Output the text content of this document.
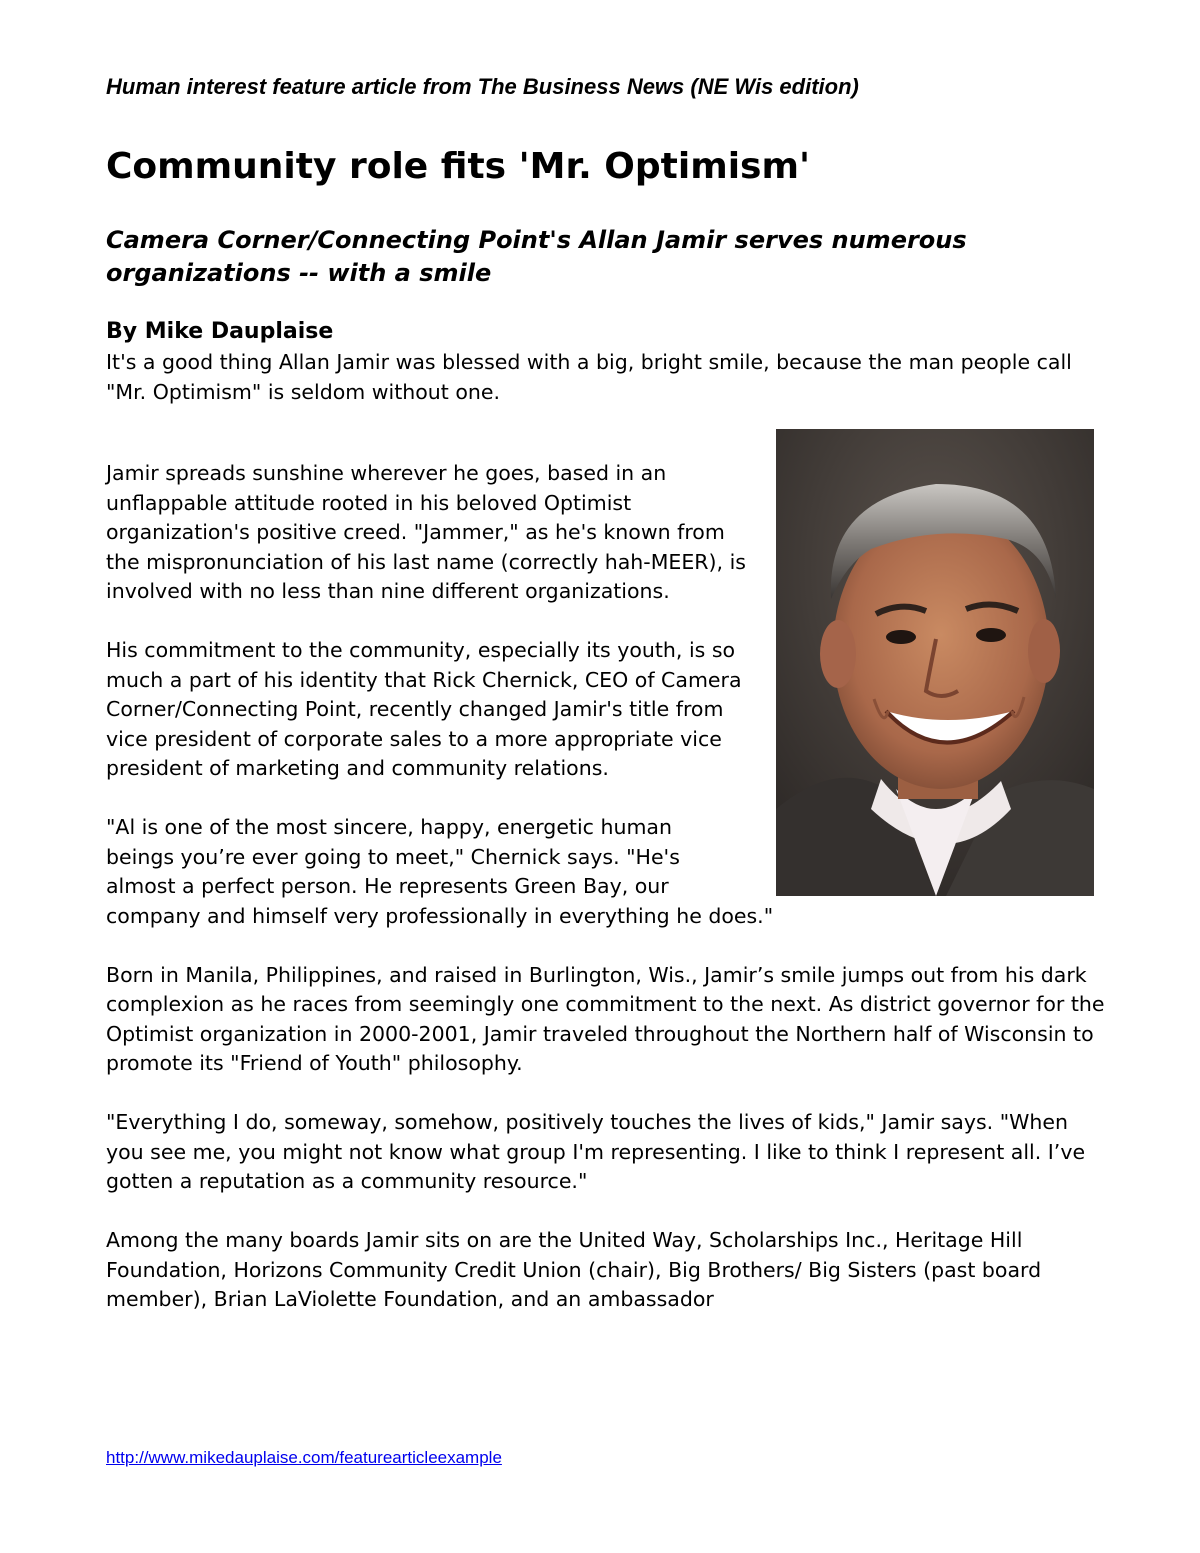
Human interest feature article from The Business News (NE Wis edition)

Community role fits 'Mr. Optimism'
Camera Corner/Connecting Point's Allan Jamir serves numerous organizations -- with a smile

By Mike Dauplaise

It's a good thing Allan Jamir was blessed with a big, bright smile, because the man people call "Mr. Optimism" is seldom without one.

Jamir spreads sunshine wherever he goes, based in an unflappable attitude rooted in his beloved Optimist organization's positive creed. "Jammer," as he's known from the mispronunciation of his last name (correctly hah-MEER), is involved with no less than nine different organizations.

His commitment to the community, especially its youth, is so much a part of his identity that Rick Chernick, CEO of Camera Corner/Connecting Point, recently changed Jamir's title from vice president of corporate sales to a more appropriate vice president of marketing and community relations.

"Al is one of the most sincere, happy, energetic human beings you’re ever going to meet," Chernick says. "He's almost a perfect person. He represents Green Bay, our company and himself very professionally in everything he does."

Born in Manila, Philippines, and raised in Burlington, Wis., Jamir’s smile jumps out from his dark complexion as he races from seemingly one commitment to the next. As district governor for the Optimist organization in 2000-2001, Jamir traveled throughout the Northern half of Wisconsin to promote its "Friend of Youth" philosophy.

"Everything I do, someway, somehow, positively touches the lives of kids," Jamir says. "When you see me, you might not know what group I'm representing. I like to think I represent all. I’ve gotten a reputation as a community resource."

Among the many boards Jamir sits on are the United Way, Scholarships Inc., Heritage Hill Foundation, Horizons Community Credit Union (chair), Big Brothers/ Big Sisters (past board member), Brian LaViolette Foundation, and an ambassador

http://www.mikedauplaise.com/featurearticleexample
